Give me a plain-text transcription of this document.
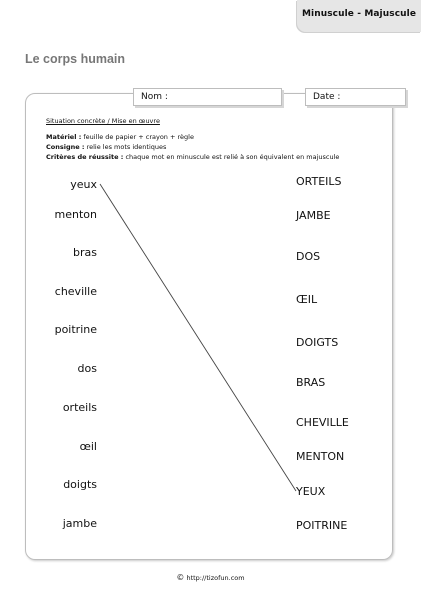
Minuscule - Majuscule
Le corps humain
Nom :	Date :
Situation concrète / Mise en œuvre
Matériel : feuille de papier + crayon + règle
Consigne : relie les mots identiques
Critères de réussite : chaque mot en minuscule est relié à son équivalent en majuscule
yeux
menton
bras
cheville
poitrine
dos
orteils
œil
doigts
jambe
ORTEILS
JAMBE
DOS
ŒIL
DOIGTS
BRAS
CHEVILLE
MENTON
YEUX
POITRINE
© http://tizofun.com
